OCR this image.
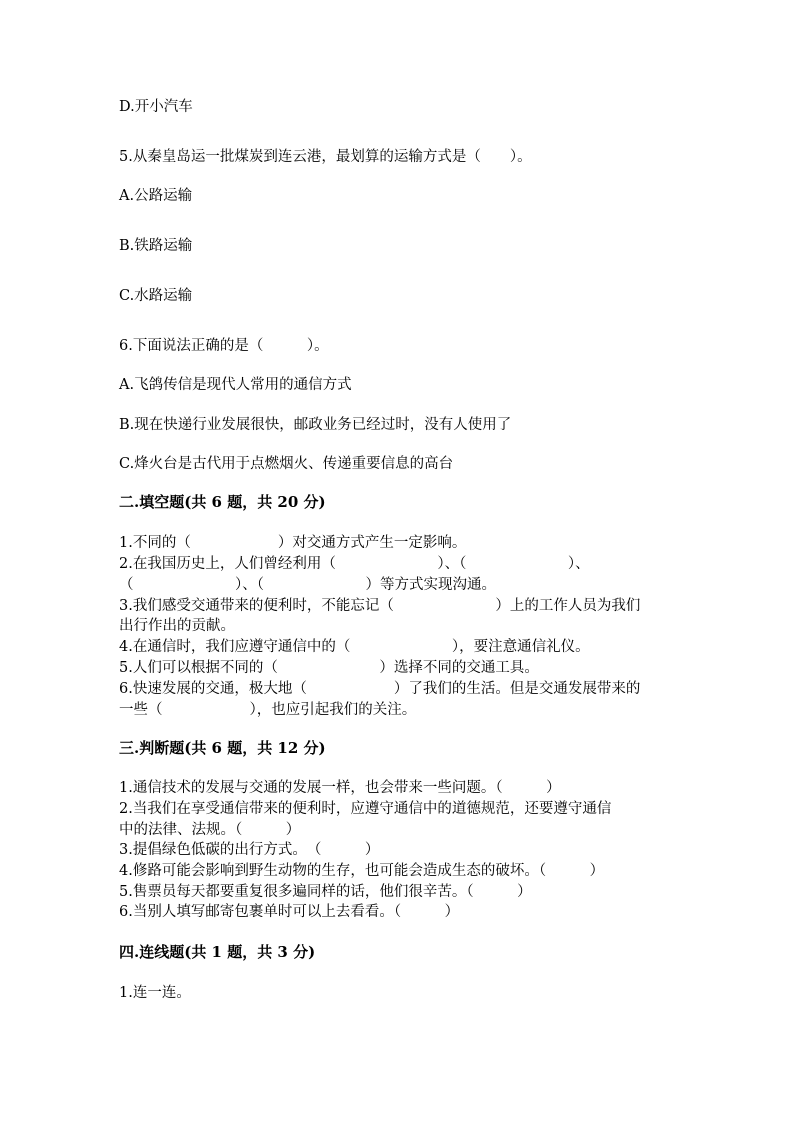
D.开小汽车
5.从秦皇岛运一批煤炭到连云港，最划算的运输方式是（　　）。
A.公路运输
B.铁路运输
C.水路运输
6.下面说法正确的是（　　　）。
A.飞鸽传信是现代人常用的通信方式
B.现在快递行业发展很快，邮政业务已经过时，没有人使用了
C.烽火台是古代用于点燃烟火、传递重要信息的高台
二.填空题(共 6 题，共 20 分)
1.不同的（　　　　　　）对交通方式产生一定影响。
2.在我国历史上，人们曾经利用（　　　　　　　）、（　　　　　　　）、
（　　　　　　　）、（　　　　　　　）等方式实现沟通。
3.我们感受交通带来的便利时，不能忘记（　　　　　　　）上的工作人员为我们
出行作出的贡献。
4.在通信时，我们应遵守通信中的（　　　　　　　），要注意通信礼仪。
5.人们可以根据不同的（　　　　　　　）选择不同的交通工具。
6.快速发展的交通，极大地（　　　　　　）了我们的生活。但是交通发展带来的
一些（　　　　　　），也应引起我们的关注。
三.判断题(共 6 题，共 12 分)
1.通信技术的发展与交通的发展一样，也会带来一些问题。（　　　）
2.当我们在享受通信带来的便利时，应遵守通信中的道德规范，还要遵守通信
中的法律、法规。（　　　）
3.提倡绿色低碳的出行方式。　（　　　）
4.修路可能会影响到野生动物的生存，也可能会造成生态的破坏。（　　　）
5.售票员每天都要重复很多遍同样的话，他们很辛苦。（　　　）
6.当别人填写邮寄包裹单时可以上去看看。（　　　）
四.连线题(共 1 题，共 3 分)
1.连一连。
